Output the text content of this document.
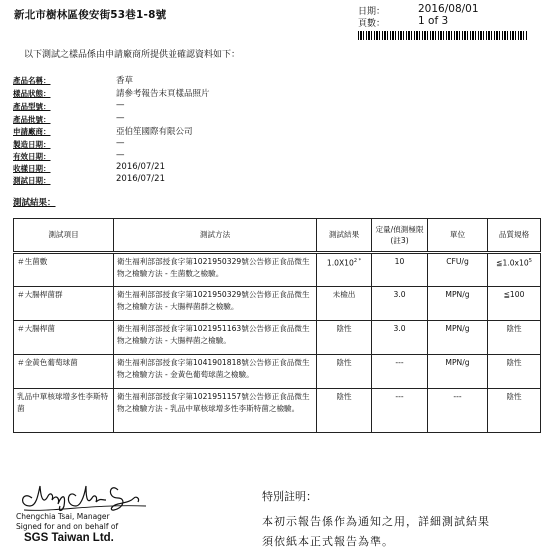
新北市樹林區俊安街53巷1-8號	日期：	2016/08/01
頁數：	1 of 3
以下測試之樣品係由申請廠商所提供並確認資料如下：
產品名稱：	香草
樣品狀態：	請參考報告末頁樣品照片
產品型號：	—
產品批號：	—
申請廠商：	亞伯笙國際有限公司
製造日期：	—
有效日期：	—
收樣日期：	2016/07/21
測試日期：	2016/07/21
測試結果：
測試項目	測試方法	測試結果	定量/偵測極限(註3)	單位	品質規格
＃生菌數	衛生福利部部授食字第1021950329號公告修正食品微生物之檢驗方法 - 生菌數之檢驗。	$1.0X10^{2 *}$	10	CFU/g	$≦1.0x10^5$
＃大腸桿菌群	衛生福利部部授食字第1021950329號公告修正食品微生物之檢驗方法 - 大腸桿菌群之檢驗。	未檢出	3.0	MPN/g	≦100
＃大腸桿菌	衛生福利部部授食字第1021951163號公告修正食品微生物之檢驗方法 - 大腸桿菌之檢驗。	陰性	3.0	MPN/g	陰性
＃金黃色葡萄球菌	衛生福利部部授食字第1041901818號公告修正食品微生物之檢驗方法 - 金黃色葡萄球菌之檢驗。	陰性	---	MPN/g	陰性
乳品中單核球增多性李斯特菌	衛生福利部部授食字第1021951157號公告修正食品微生物之檢驗方法 - 乳品中單核球增多性李斯特菌之檢驗。	陰性	---	---	陰性
Chengchia Tsai, Manager
Signed for and on behalf of
SGS Taiwan Ltd.
特別註明：
本初示報告係作為通知之用，詳細測試結果
須依紙本正式報告為準。
